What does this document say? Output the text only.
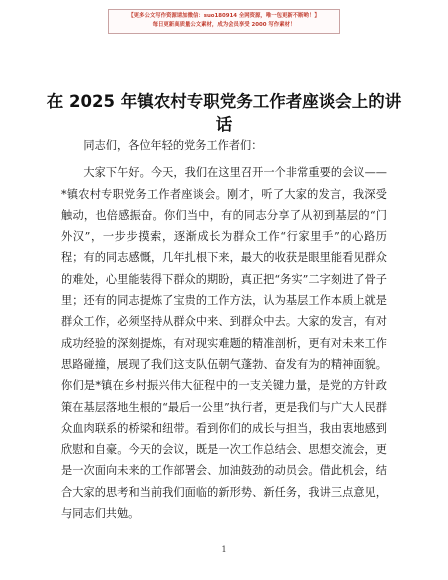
【更多公文写作资源请加微信：suo180914 全网资源，唯一包更新不断哟！】
每日更新高质量公文素材，成为会员享受 2000 写作素材！
在 2025 年镇农村专职党务工作者座谈会上的讲话

同志们，各位年轻的党务工作者们：

大家下午好。今天，我们在这里召开一个非常重要的会议——*镇农村专职党务工作者座谈会。刚才，听了大家的发言，我深受触动，也倍感振奋。你们当中，有的同志分享了从初到基层的“门外汉”，一步步摸索，逐渐成长为群众工作“行家里手”的心路历程；有的同志感慨，几年扎根下来，最大的收获是眼里能看见群众的难处，心里能装得下群众的期盼，真正把“务实”二字刻进了骨子里；还有的同志提炼了宝贵的工作方法，认为基层工作本质上就是群众工作，必须坚持从群众中来、到群众中去。大家的发言，有对成功经验的深刻提炼，有对现实难题的精准剖析，更有对未来工作思路碰撞，展现了我们这支队伍朝气蓬勃、奋发有为的精神面貌。你们是*镇在乡村振兴伟大征程中的一支关键力量，是党的方针政策在基层落地生根的“最后一公里”执行者，更是我们与广大人民群众血肉联系的桥梁和纽带。看到你们的成长与担当，我由衷地感到欣慰和自豪。今天的会议，既是一次工作总结会、思想交流会，更是一次面向未来的工作部署会、加油鼓劲的动员会。借此机会，结合大家的思考和当前我们面临的新形势、新任务，我讲三点意见，与同志们共勉。

1
